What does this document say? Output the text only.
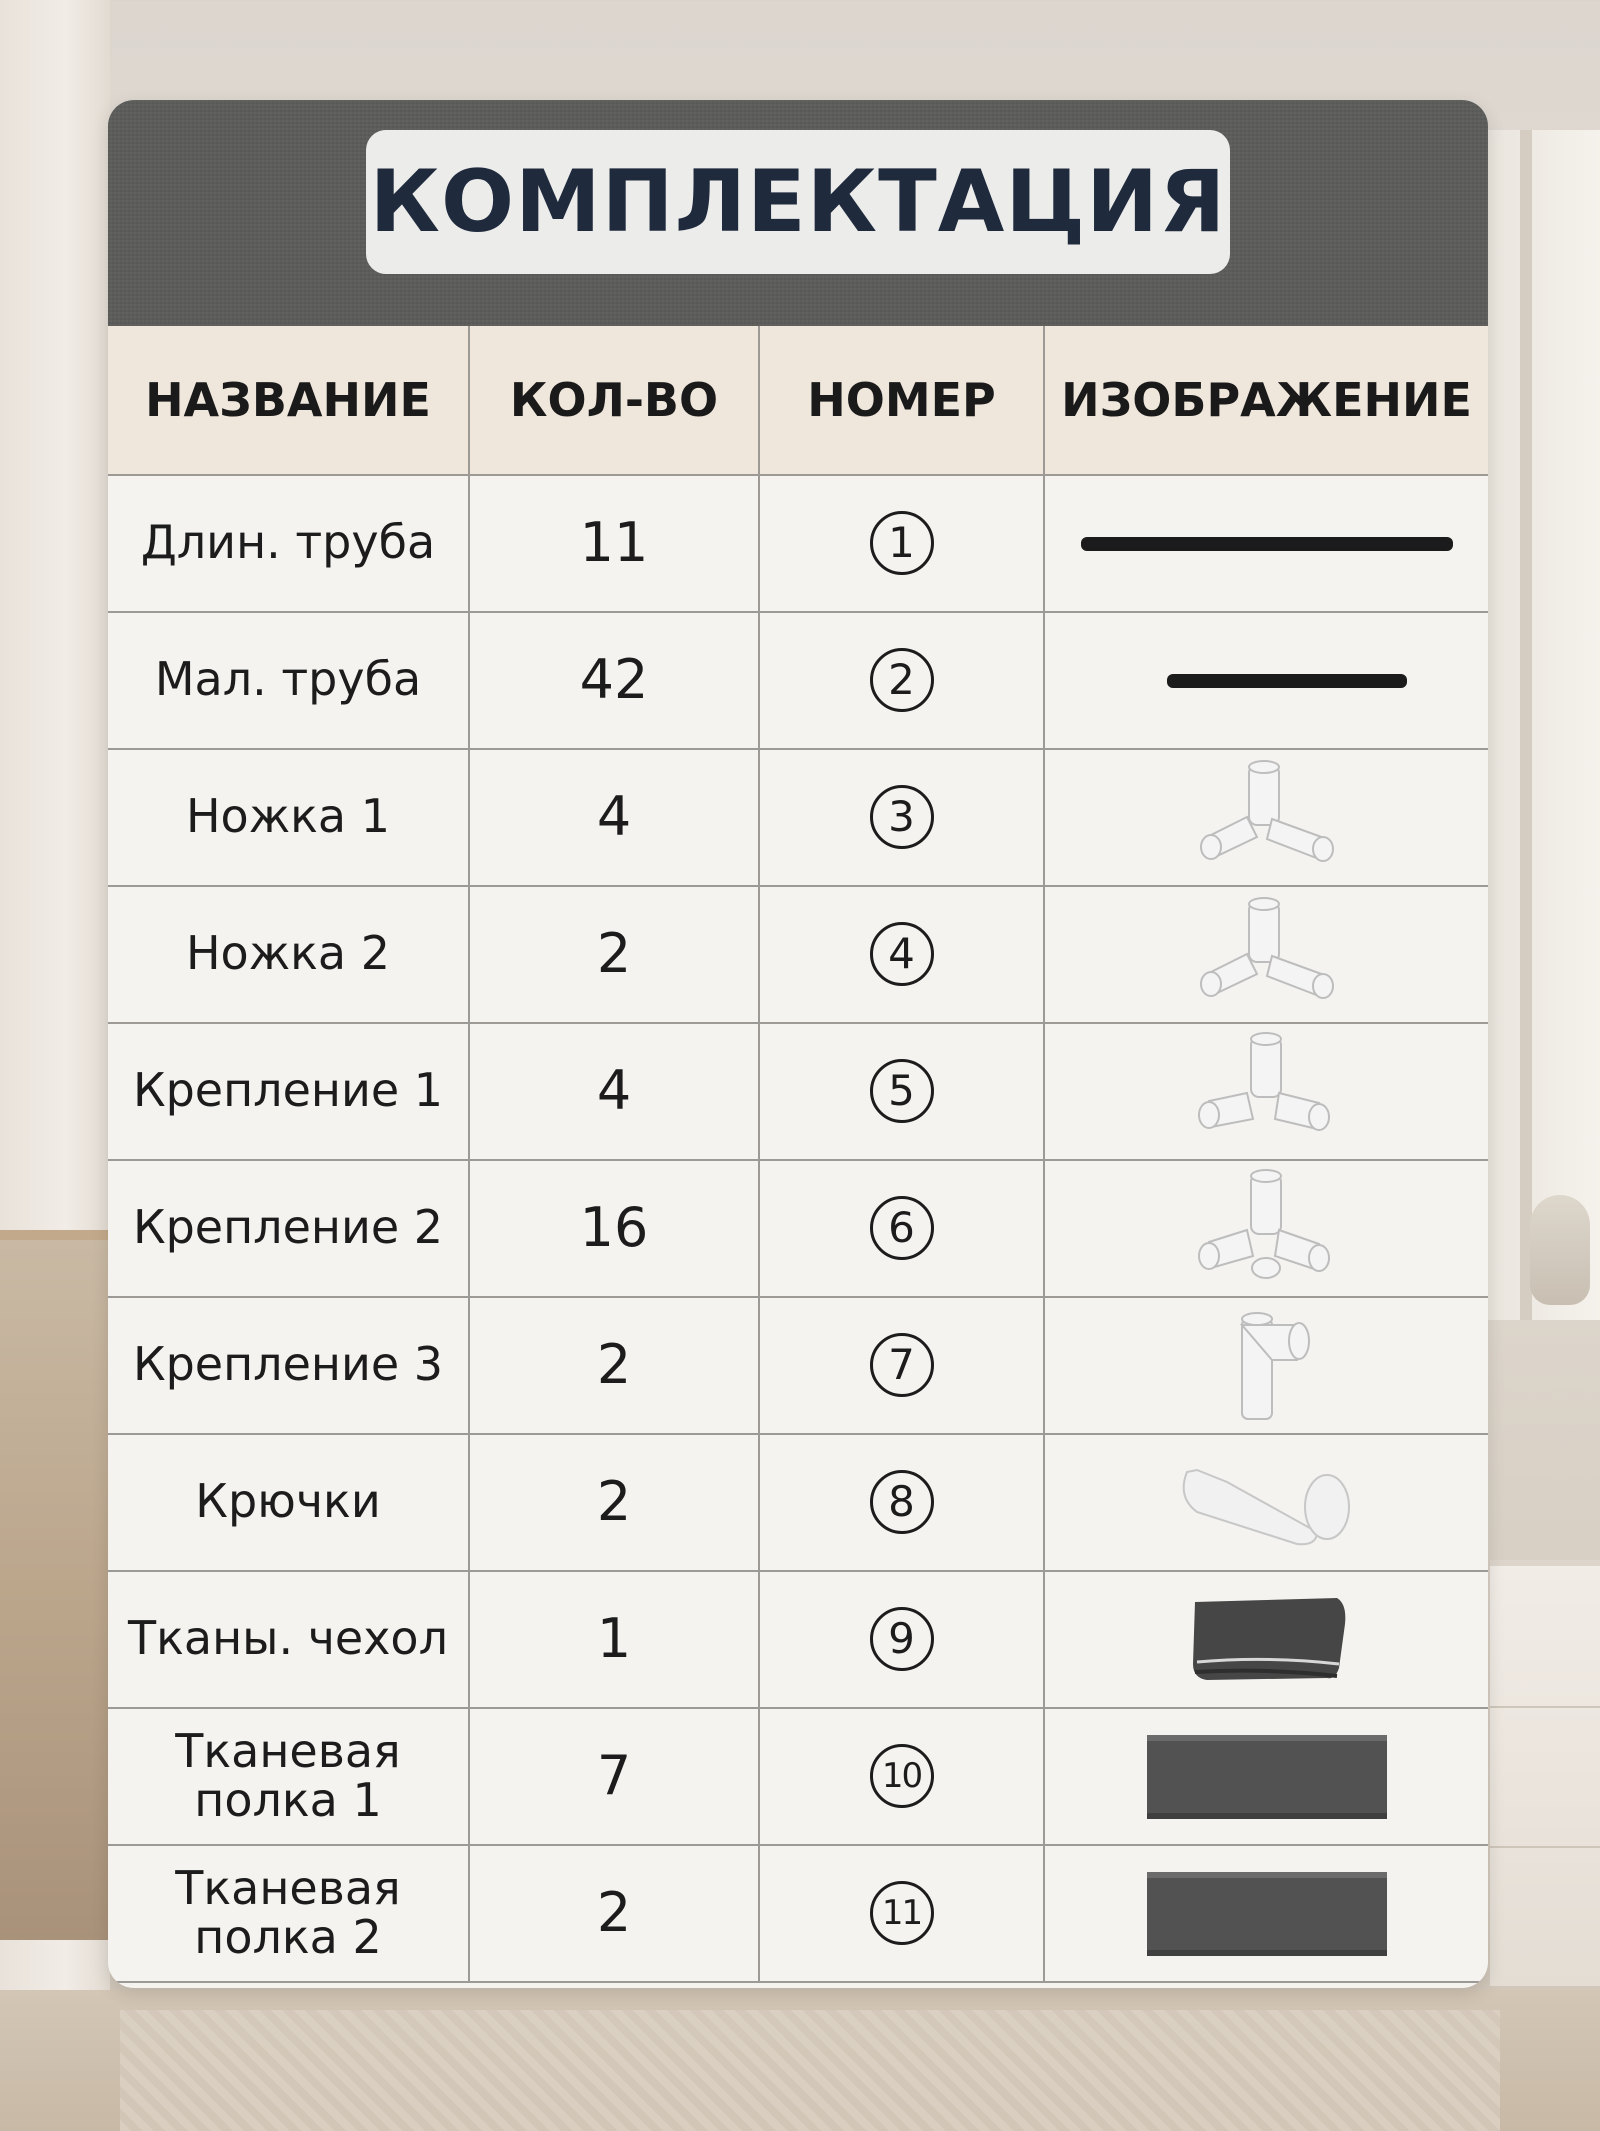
КОМПЛЕКТАЦИЯ
НАЗВАНИЕ	КОЛ-ВО	НОМЕР	ИЗОБРАЖЕНИЕ
Длин. труба	11	1
Мал. труба	42	2
Ножка 1	4	3
Ножка 2	2	4
Крепление 1	4	5
Крепление 2	16	6
Крепление 3	2	7
Крючки	2	8
Тканы. чехол	1	9
Тканевая полка 1	7	10
Тканевая полка 2	2	11
